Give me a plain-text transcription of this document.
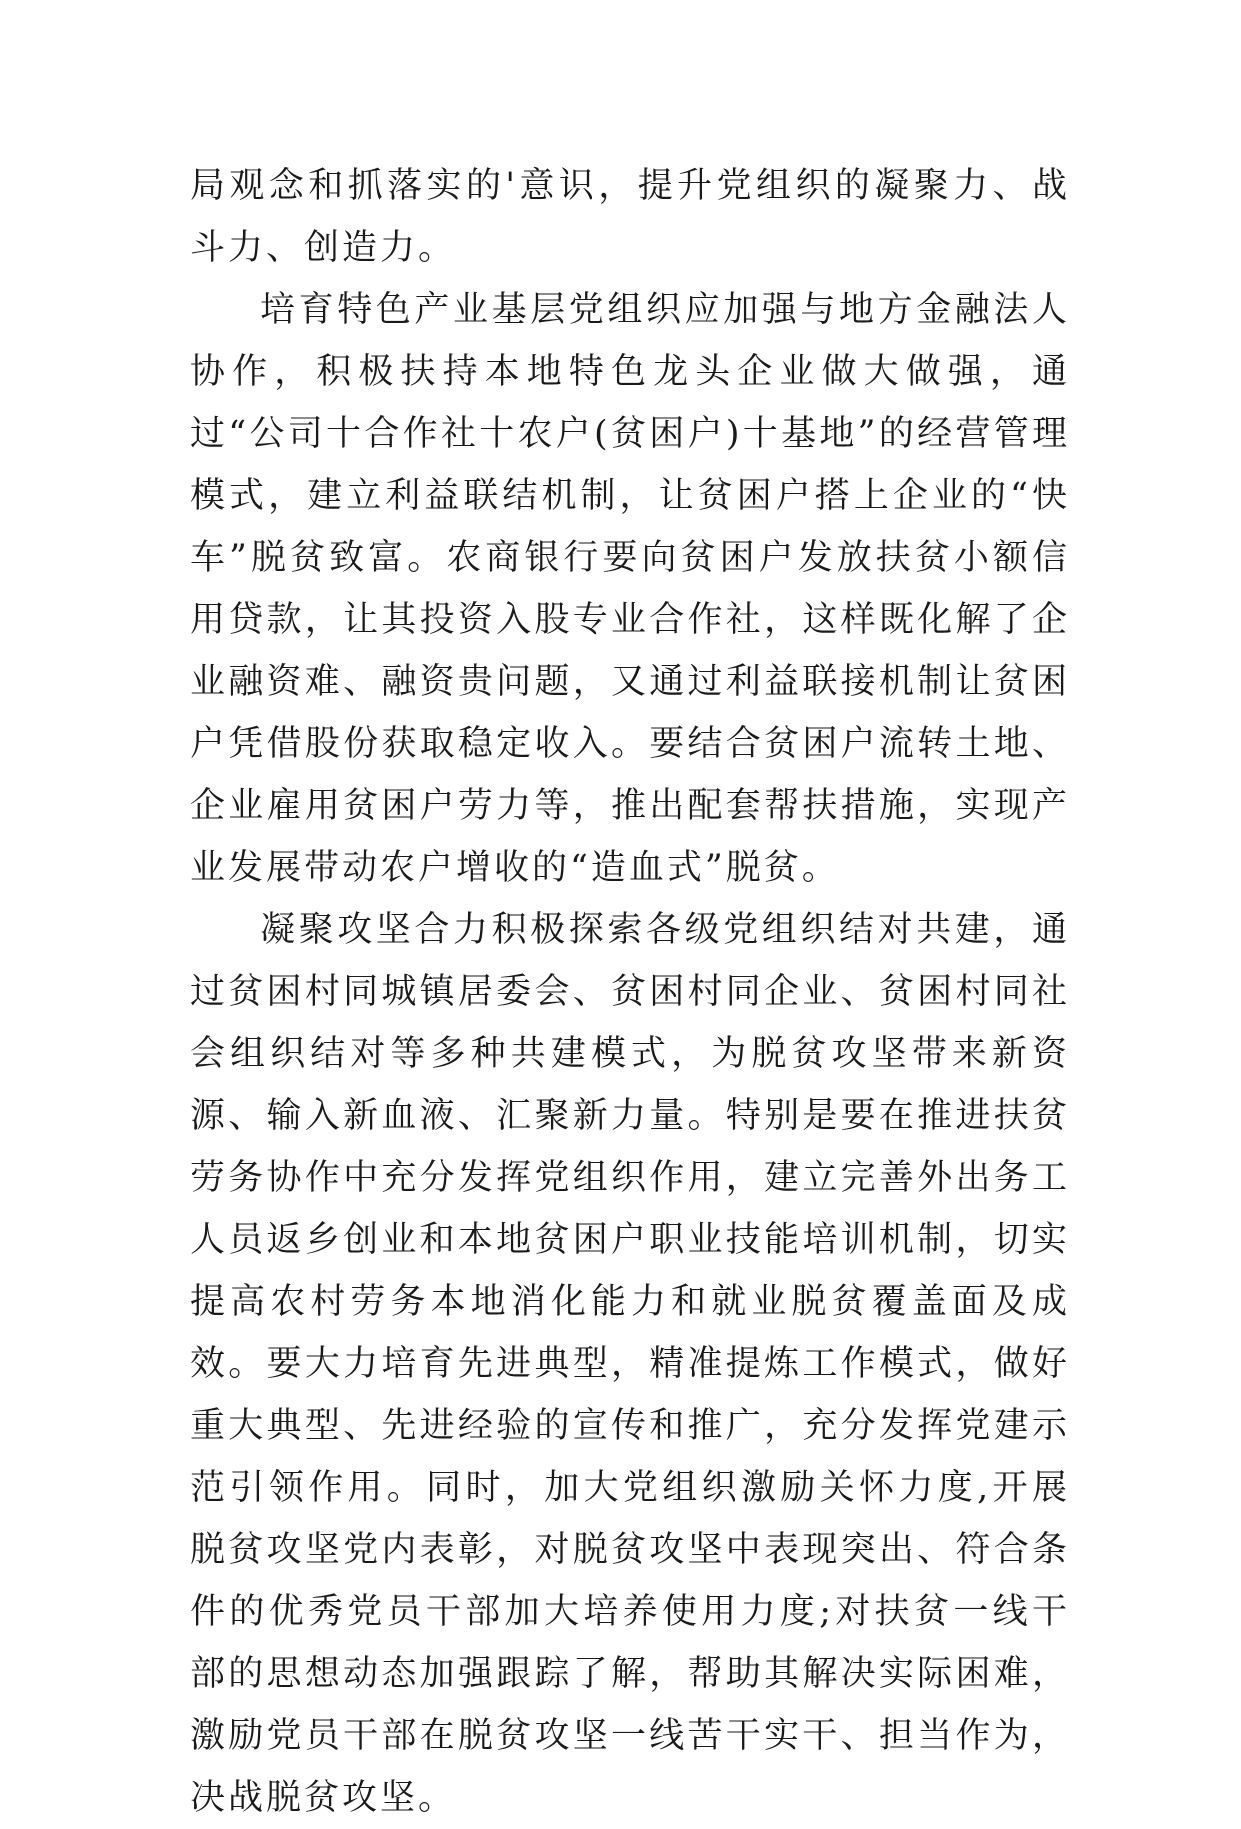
局观念和抓落实的'意识，提升党组织的凝聚力、战斗力、创造力。

培育特色产业基层党组织应加强与地方金融法人协作，积极扶持本地特色龙头企业做大做强，通过“公司十合作社十农户(贫困户)十基地”的经营管理模式，建立利益联结机制，让贫困户搭上企业的“快车”脱贫致富。农商银行要向贫困户发放扶贫小额信用贷款，让其投资入股专业合作社，这样既化解了企业融资难、融资贵问题，又通过利益联接机制让贫困户凭借股份获取稳定收入。要结合贫困户流转土地、企业雇用贫困户劳力等，推出配套帮扶措施，实现产业发展带动农户增收的“造血式”脱贫。

凝聚攻坚合力积极探索各级党组织结对共建，通过贫困村同城镇居委会、贫困村同企业、贫困村同社会组织结对等多种共建模式，为脱贫攻坚带来新资源、输入新血液、汇聚新力量。特别是要在推进扶贫劳务协作中充分发挥党组织作用，建立完善外出务工人员返乡创业和本地贫困户职业技能培训机制，切实提高农村劳务本地消化能力和就业脱贫覆盖面及成效。要大力培育先进典型，精准提炼工作模式，做好重大典型、先进经验的宣传和推广，充分发挥党建示范引领作用。同时，加大党组织激励关怀力度,开展脱贫攻坚党内表彰，对脱贫攻坚中表现突出、符合条件的优秀党员干部加大培养使用力度;对扶贫一线干部的思想动态加强跟踪了解，帮助其解决实际困难，激励党员干部在脱贫攻坚一线苦干实干、担当作为，决战脱贫攻坚。
